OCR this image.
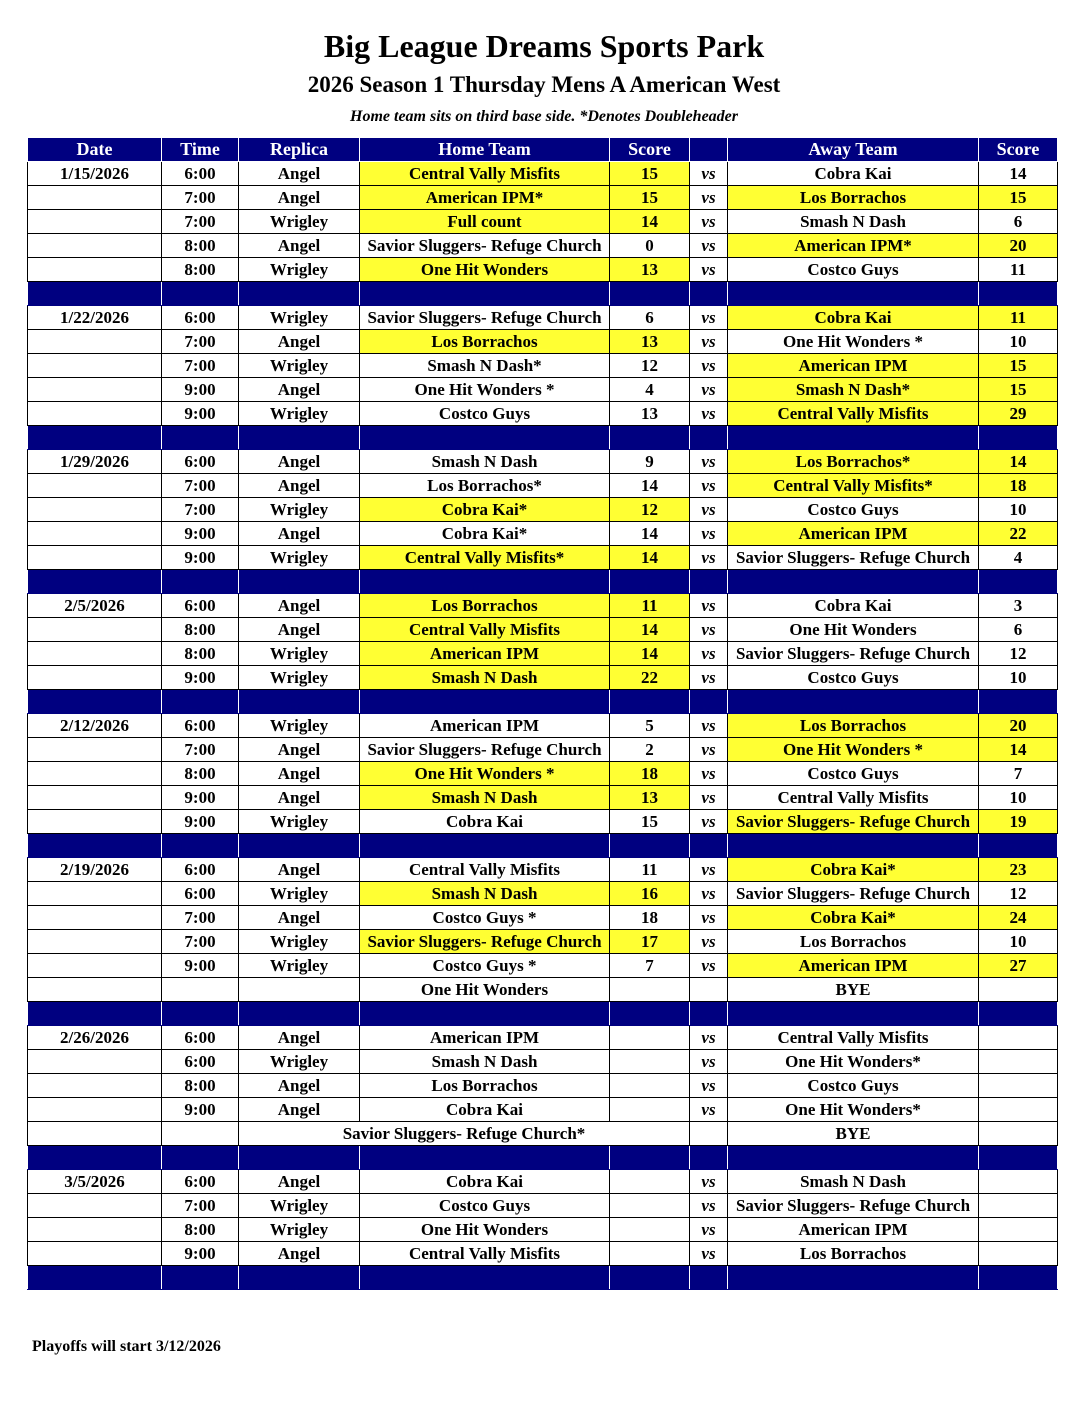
Big League Dreams Sports Park
2026 Season 1 Thursday Mens A American West
Home team sits on third base side. *Denotes Doubleheader
Date	Time	Replica	Home Team	Score		Away Team	Score
1/15/2026	6:00	Angel	Central Vally Misfits	15	vs	Cobra Kai	14
	7:00	Angel	American IPM*	15	vs	Los Borrachos	15
	7:00	Wrigley	Full count	14	vs	Smash N Dash	6
	8:00	Angel	Savior Sluggers- Refuge Church	0	vs	American IPM*	20
	8:00	Wrigley	One Hit Wonders	13	vs	Costco Guys	11

1/22/2026	6:00	Wrigley	Savior Sluggers- Refuge Church	6	vs	Cobra Kai	11
	7:00	Angel	Los Borrachos	13	vs	One Hit Wonders *	10
	7:00	Wrigley	Smash N Dash*	12	vs	American IPM	15
	9:00	Angel	One Hit Wonders *	4	vs	Smash N Dash*	15
	9:00	Wrigley	Costco Guys	13	vs	Central Vally Misfits	29

1/29/2026	6:00	Angel	Smash N Dash	9	vs	Los Borrachos*	14
	7:00	Angel	Los Borrachos*	14	vs	Central Vally Misfits*	18
	7:00	Wrigley	Cobra Kai*	12	vs	Costco Guys	10
	9:00	Angel	Cobra Kai*	14	vs	American IPM	22
	9:00	Wrigley	Central Vally Misfits*	14	vs	Savior Sluggers- Refuge Church	4

2/5/2026	6:00	Angel	Los Borrachos	11	vs	Cobra Kai	3
	8:00	Angel	Central Vally Misfits	14	vs	One Hit Wonders	6
	8:00	Wrigley	American IPM	14	vs	Savior Sluggers- Refuge Church	12
	9:00	Wrigley	Smash N Dash	22	vs	Costco Guys	10

2/12/2026	6:00	Wrigley	American IPM	5	vs	Los Borrachos	20
	7:00	Angel	Savior Sluggers- Refuge Church	2	vs	One Hit Wonders *	14
	8:00	Angel	One Hit Wonders *	18	vs	Costco Guys	7
	9:00	Angel	Smash N Dash	13	vs	Central Vally Misfits	10
	9:00	Wrigley	Cobra Kai	15	vs	Savior Sluggers- Refuge Church	19

2/19/2026	6:00	Angel	Central Vally Misfits	11	vs	Cobra Kai*	23
	6:00	Wrigley	Smash N Dash	16	vs	Savior Sluggers- Refuge Church	12
	7:00	Angel	Costco Guys *	18	vs	Cobra Kai*	24
	7:00	Wrigley	Savior Sluggers- Refuge Church	17	vs	Los Borrachos	10
	9:00	Wrigley	Costco Guys *	7	vs	American IPM	27
			One Hit Wonders			BYE	

2/26/2026	6:00	Angel	American IPM		vs	Central Vally Misfits	
	6:00	Wrigley	Smash N Dash		vs	One Hit Wonders*	
	8:00	Angel	Los Borrachos		vs	Costco Guys	
	9:00	Angel	Cobra Kai		vs	One Hit Wonders*	
		Savior Sluggers- Refuge Church*				BYE	

3/5/2026	6:00	Angel	Cobra Kai		vs	Smash N Dash	
	7:00	Wrigley	Costco Guys		vs	Savior Sluggers- Refuge Church	
	8:00	Wrigley	One Hit Wonders		vs	American IPM	
	9:00	Angel	Central Vally Misfits		vs	Los Borrachos	

Playoffs will start 3/12/2026
